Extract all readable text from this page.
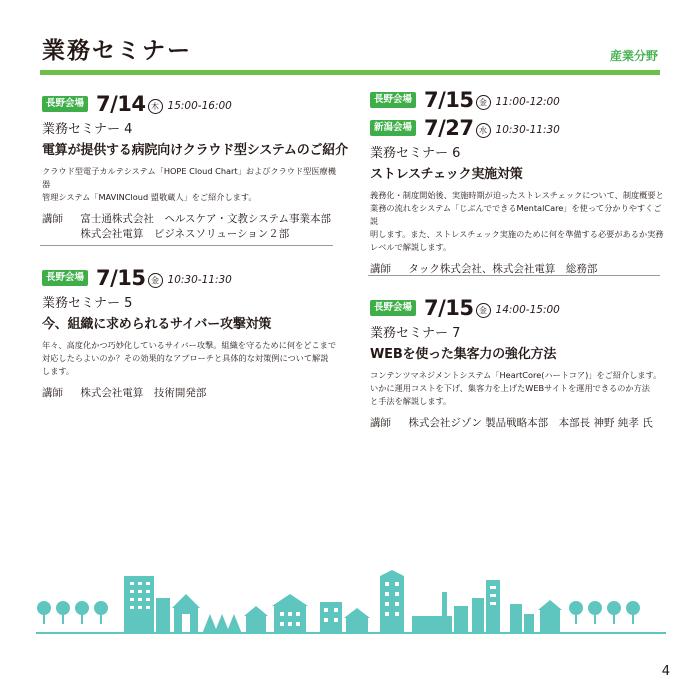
業務セミナー	産業分野
長野会場 7/14 木 15:00-16:00
業務セミナー 4
電算が提供する病院向けクラウド型システムのご紹介
クラウド型電子カルテシステム「HOPE Cloud Chart」およびクラウド型医療機器
管理システム「MAVINCloud 盟敬蔵人」をご紹介します。
講師 富士通株式会社　ヘルスケア・文教システム事業本部
株式会社電算　ビジネスソリューション２部
長野会場 7/15 金 10:30-11:30
業務セミナー 5
今、組織に求められるサイバー攻撃対策
年々、高度化かつ巧妙化しているサイバー攻撃。組織を守るために何をどこまで
対応したらよいのか？その効果的なアプローチと具体的な対策例について解説
します。
講師 株式会社電算　技術開発部
長野会場 7/15 金 11:00-12:00
新潟会場 7/27 水 10:30-11:30
業務セミナー 6
ストレスチェック実施対策
義務化・制度開始後、実施時期が迫ったストレスチェックについて、制度概要と
業務の流れをシステム「じぶんでできるMentalCare」を使って分かりやすくご説
明します。また、ストレスチェック実施のために何を準備する必要があるか実務
レベルで解説します。
講師 タック株式会社、株式会社電算　総務部
長野会場 7/15 金 14:00-15:00
業務セミナー 7
WEBを使った集客力の強化方法
コンテンツマネジメントシステム「HeartCore(ハートコア)」をご紹介します。
いかに運用コストを下げ、集客力を上げたWEBサイトを運用できるのか方法
と手法を解説します。
講師 株式会社ジゾン 製品戦略本部　本部長 神野 純孝 氏
4
